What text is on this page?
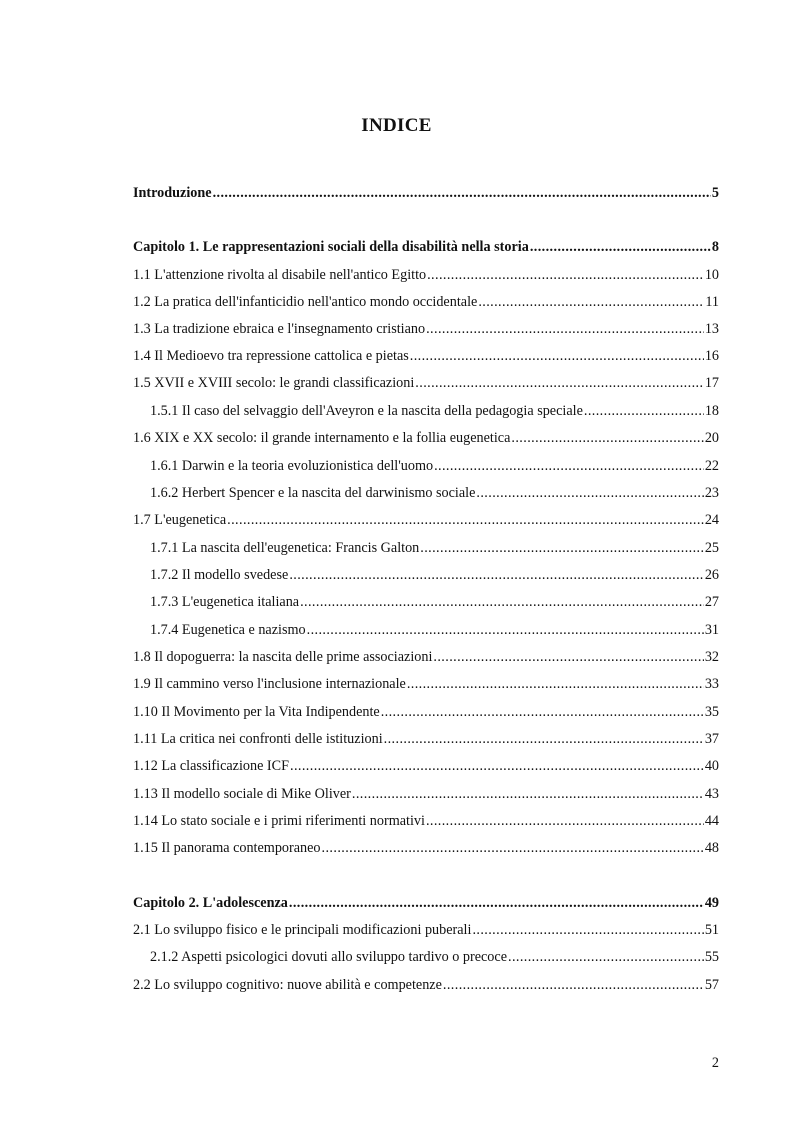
INDICE
Introduzione .....	5
Capitolo 1. Le rappresentazioni sociali della disabilità nella storia .....	8
1.1 L'attenzione rivolta al disabile nell'antico Egitto .....	10
1.2 La pratica dell'infanticidio nell'antico mondo occidentale .....	11
1.3 La tradizione ebraica e l'insegnamento cristiano .....	13
1.4 Il Medioevo tra repressione cattolica e pietas .....	16
1.5 XVII e XVIII secolo: le grandi classificazioni .....	17
1.5.1 Il caso del selvaggio dell'Aveyron e la nascita della pedagogia speciale .....	18
1.6 XIX e XX secolo: il grande internamento e la follia eugenetica .....	20
1.6.1 Darwin e la teoria evoluzionistica dell'uomo .....	22
1.6.2 Herbert Spencer e la nascita del darwinismo sociale .....	23
1.7 L'eugenetica .....	24
1.7.1 La nascita dell'eugenetica: Francis Galton .....	25
1.7.2 Il modello svedese .....	26
1.7.3 L'eugenetica italiana .....	27
1.7.4 Eugenetica e nazismo .....	31
1.8 Il dopoguerra: la nascita delle prime associazioni .....	32
1.9 Il cammino verso l'inclusione internazionale .....	33
1.10 Il Movimento per la Vita Indipendente .....	35
1.11 La critica nei confronti delle istituzioni .....	37
1.12 La classificazione ICF .....	40
1.13 Il modello sociale di Mike Oliver .....	43
1.14 Lo stato sociale e i primi riferimenti normativi .....	44
1.15 Il panorama contemporaneo .....	48
Capitolo 2. L'adolescenza .....	49
2.1 Lo sviluppo fisico e le principali modificazioni puberali .....	51
2.1.2 Aspetti psicologici dovuti allo sviluppo tardivo o precoce .....	55
2.2 Lo sviluppo cognitivo: nuove abilità e competenze .....	57
2
